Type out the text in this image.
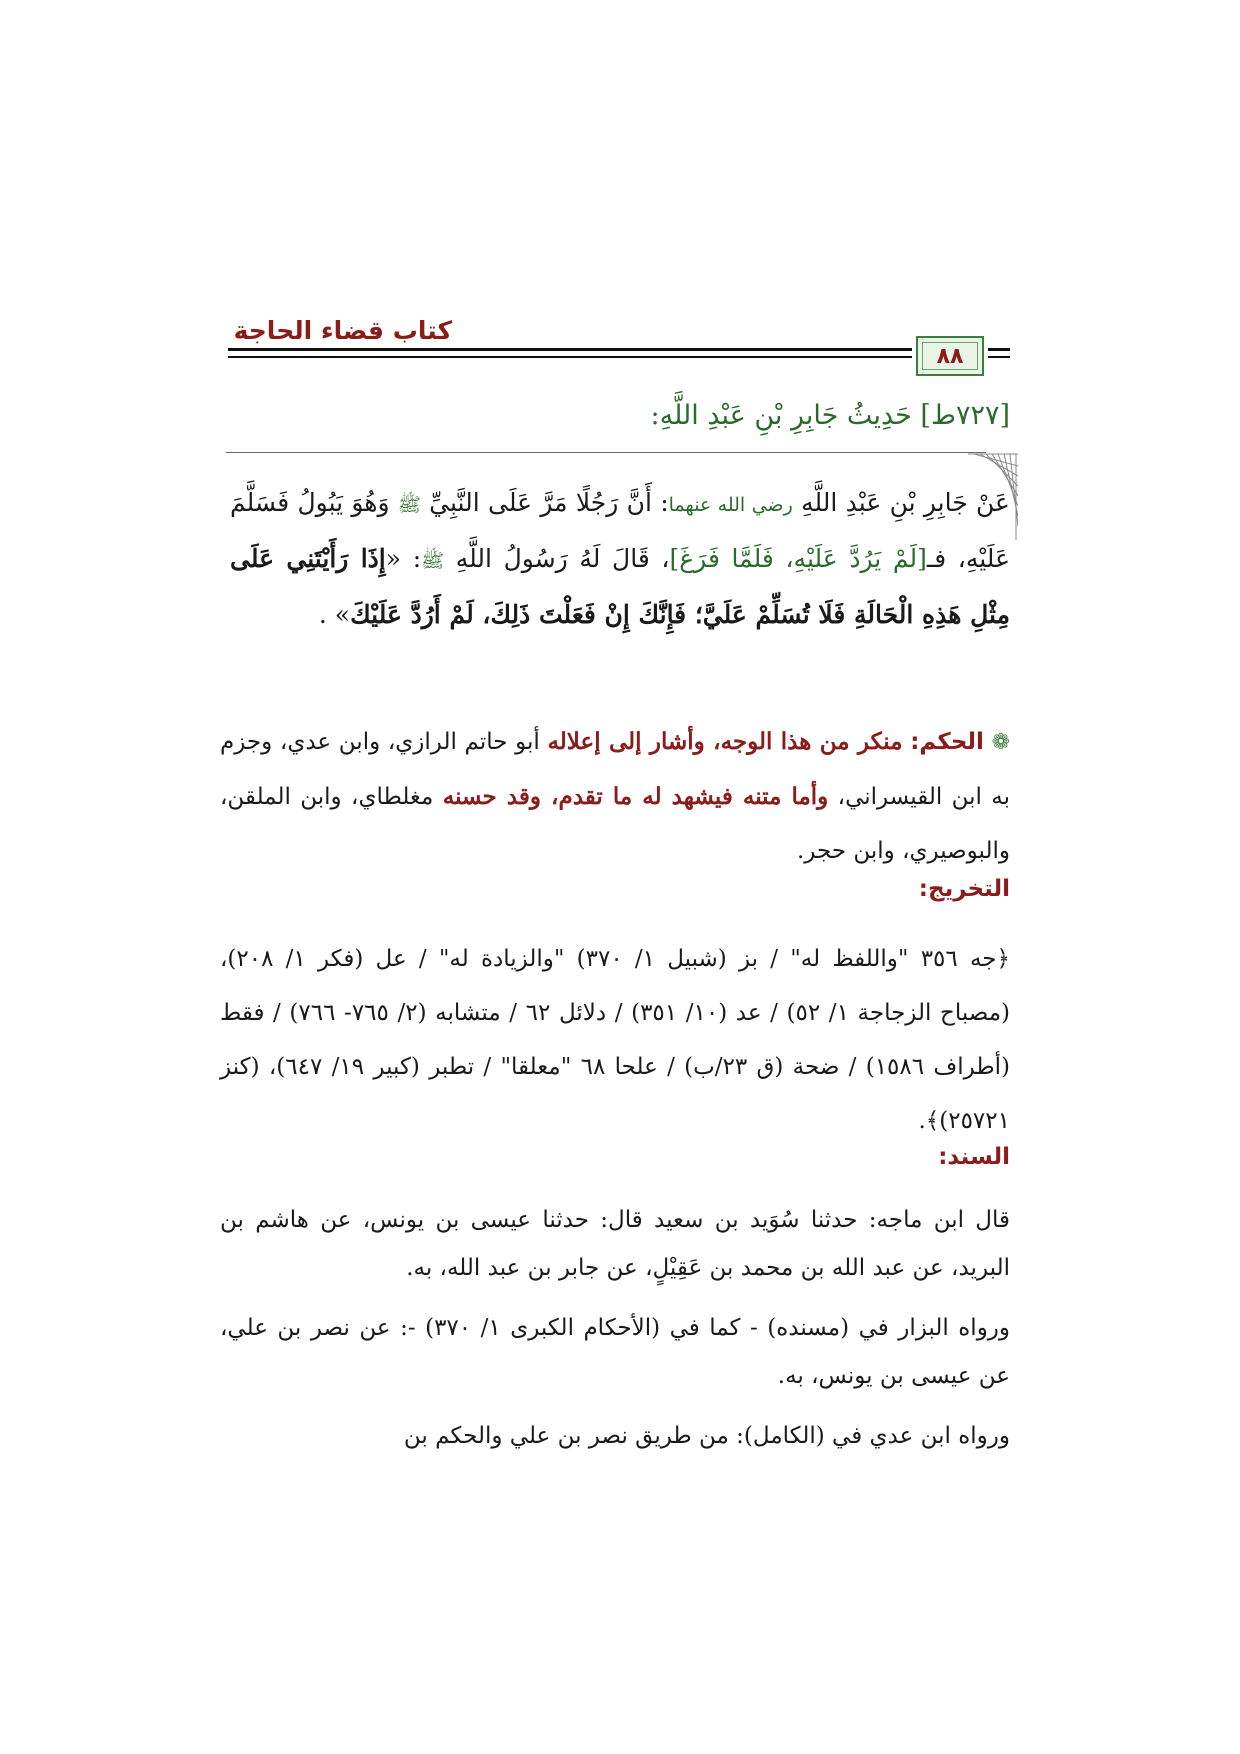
كتاب قضاء الحاجة
٨٨
[٧٢٧ط] حَدِيثُ جَابِرِ بْنِ عَبْدِ اللَّهِ:
عَنْ جَابِرِ بْنِ عَبْدِ اللَّهِ رضي الله عنهما: أَنَّ رَجُلًا مَرَّ عَلَى النَّبِيِّ ﷺ وَهُوَ يَبُولُ فَسَلَّمَ عَلَيْهِ، فـ[لَمْ يَرُدَّ عَلَيْهِ، فَلَمَّا فَرَغَ]، قَالَ لَهُ رَسُولُ اللَّهِ ﷺ: «إِذَا رَأَيْتَنِي عَلَى مِثْلِ هَذِهِ الْحَالَةِ فَلَا تُسَلِّمْ عَلَيَّ؛ فَإِنَّكَ إِنْ فَعَلْتَ ذَلِكَ، لَمْ أَرُدَّ عَلَيْكَ» .
❁ الحكم: منكر من هذا الوجه، وأشار إلى إعلاله أبو حاتم الرازي، وابن عدي، وجزم به ابن القيسراني، وأما متنه فيشهد له ما تقدم، وقد حسنه مغلطاي، وابن الملقن، والبوصيري، وابن حجر.
التخريج:
﴿جه ٣٥٦ "واللفظ له" / بز (شبيل ١/ ٣٧٠) "والزيادة له" / عل (فكر ١/ ٢٠٨)، (مصباح الزجاجة ١/ ٥٢) / عد (١٠/ ٣٥١) / دلائل ٦٢ / متشابه (٢/ ٧٦٥- ٧٦٦) / فقط (أطراف ١٥٨٦) / ضحة (ق ٢٣/ب) / علحا ٦٨ "معلقا" / تطبر (كبير ١٩/ ٦٤٧)، (كنز ٢٥٧٢١)﴾.
السند:

قال ابن ماجه: حدثنا سُوَيد بن سعيد قال: حدثنا عيسى بن يونس، عن هاشم بن البريد، عن عبد الله بن محمد بن عَقِيْلٍ، عن جابر بن عبد الله، به.

ورواه البزار في (مسنده) - كما في (الأحكام الكبرى ١/ ٣٧٠) -: عن نصر بن علي، عن عيسى بن يونس، به.

ورواه ابن عدي في (الكامل): من طريق نصر بن علي والحكم بن
